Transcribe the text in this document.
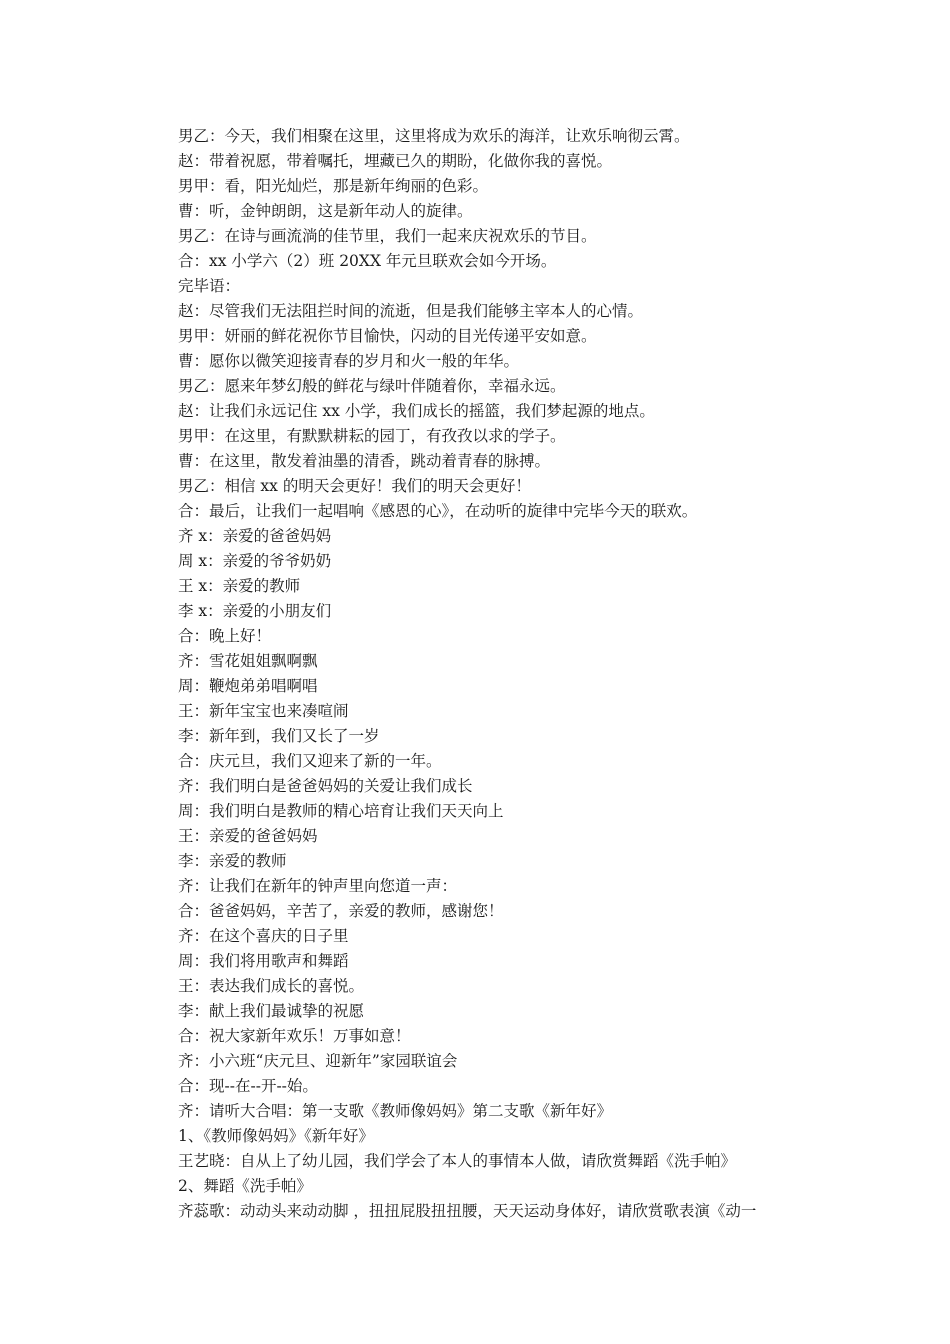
男乙：今天，我们相聚在这里，这里将成为欢乐的海洋，让欢乐响彻云霄。
赵：带着祝愿，带着嘱托，埋藏已久的期盼，化做你我的喜悦。
男甲：看，阳光灿烂，那是新年绚丽的色彩。
曹：听，金钟朗朗，这是新年动人的旋律。
男乙：在诗与画流淌的佳节里，我们一起来庆祝欢乐的节目。
合：xx 小学六（2）班 20XX 年元旦联欢会如今开场。
完毕语：
赵：尽管我们无法阻拦时间的流逝，但是我们能够主宰本人的心情。
男甲：妍丽的鲜花祝你节目愉快，闪动的目光传递平安如意。
曹：愿你以微笑迎接青春的岁月和火一般的年华。
男乙：愿来年梦幻般的鲜花与绿叶伴随着你，幸福永远。
赵：让我们永远记住 xx 小学，我们成长的摇篮，我们梦起源的地点。
男甲：在这里，有默默耕耘的园丁，有孜孜以求的学子。
曹：在这里，散发着油墨的清香，跳动着青春的脉搏。
男乙：相信 xx 的明天会更好！我们的明天会更好！
合：最后，让我们一起唱响《感恩的心》，在动听的旋律中完毕今天的联欢。
齐 x：亲爱的爸爸妈妈
周 x：亲爱的爷爷奶奶
王 x：亲爱的教师
李 x：亲爱的小朋友们
合：晚上好！
齐：雪花姐姐飘啊飘
周：鞭炮弟弟唱啊唱
王：新年宝宝也来凑喧闹
李：新年到，我们又长了一岁
合：庆元旦，我们又迎来了新的一年。
齐：我们明白是爸爸妈妈的关爱让我们成长
周：我们明白是教师的精心培育让我们天天向上
王：亲爱的爸爸妈妈
李：亲爱的教师
齐：让我们在新年的钟声里向您道一声：
合：爸爸妈妈，辛苦了，亲爱的教师，感谢您！
齐：在这个喜庆的日子里
周：我们将用歌声和舞蹈
王：表达我们成长的喜悦。
李：献上我们最诚挚的祝愿
合：祝大家新年欢乐！万事如意！
齐：小六班“庆元旦、迎新年”家园联谊会
合：现--在--开--始。
齐：请听大合唱：第一支歌《教师像妈妈》第二支歌《新年好》
1、《教师像妈妈》《新年好》
王艺晓：自从上了幼儿园，我们学会了本人的事情本人做，请欣赏舞蹈《洗手帕》
2、舞蹈《洗手帕》
齐蕊歌：动动头来动动脚 ，扭扭屁股扭扭腰，天天运动身体好，请欣赏歌表演《动一
